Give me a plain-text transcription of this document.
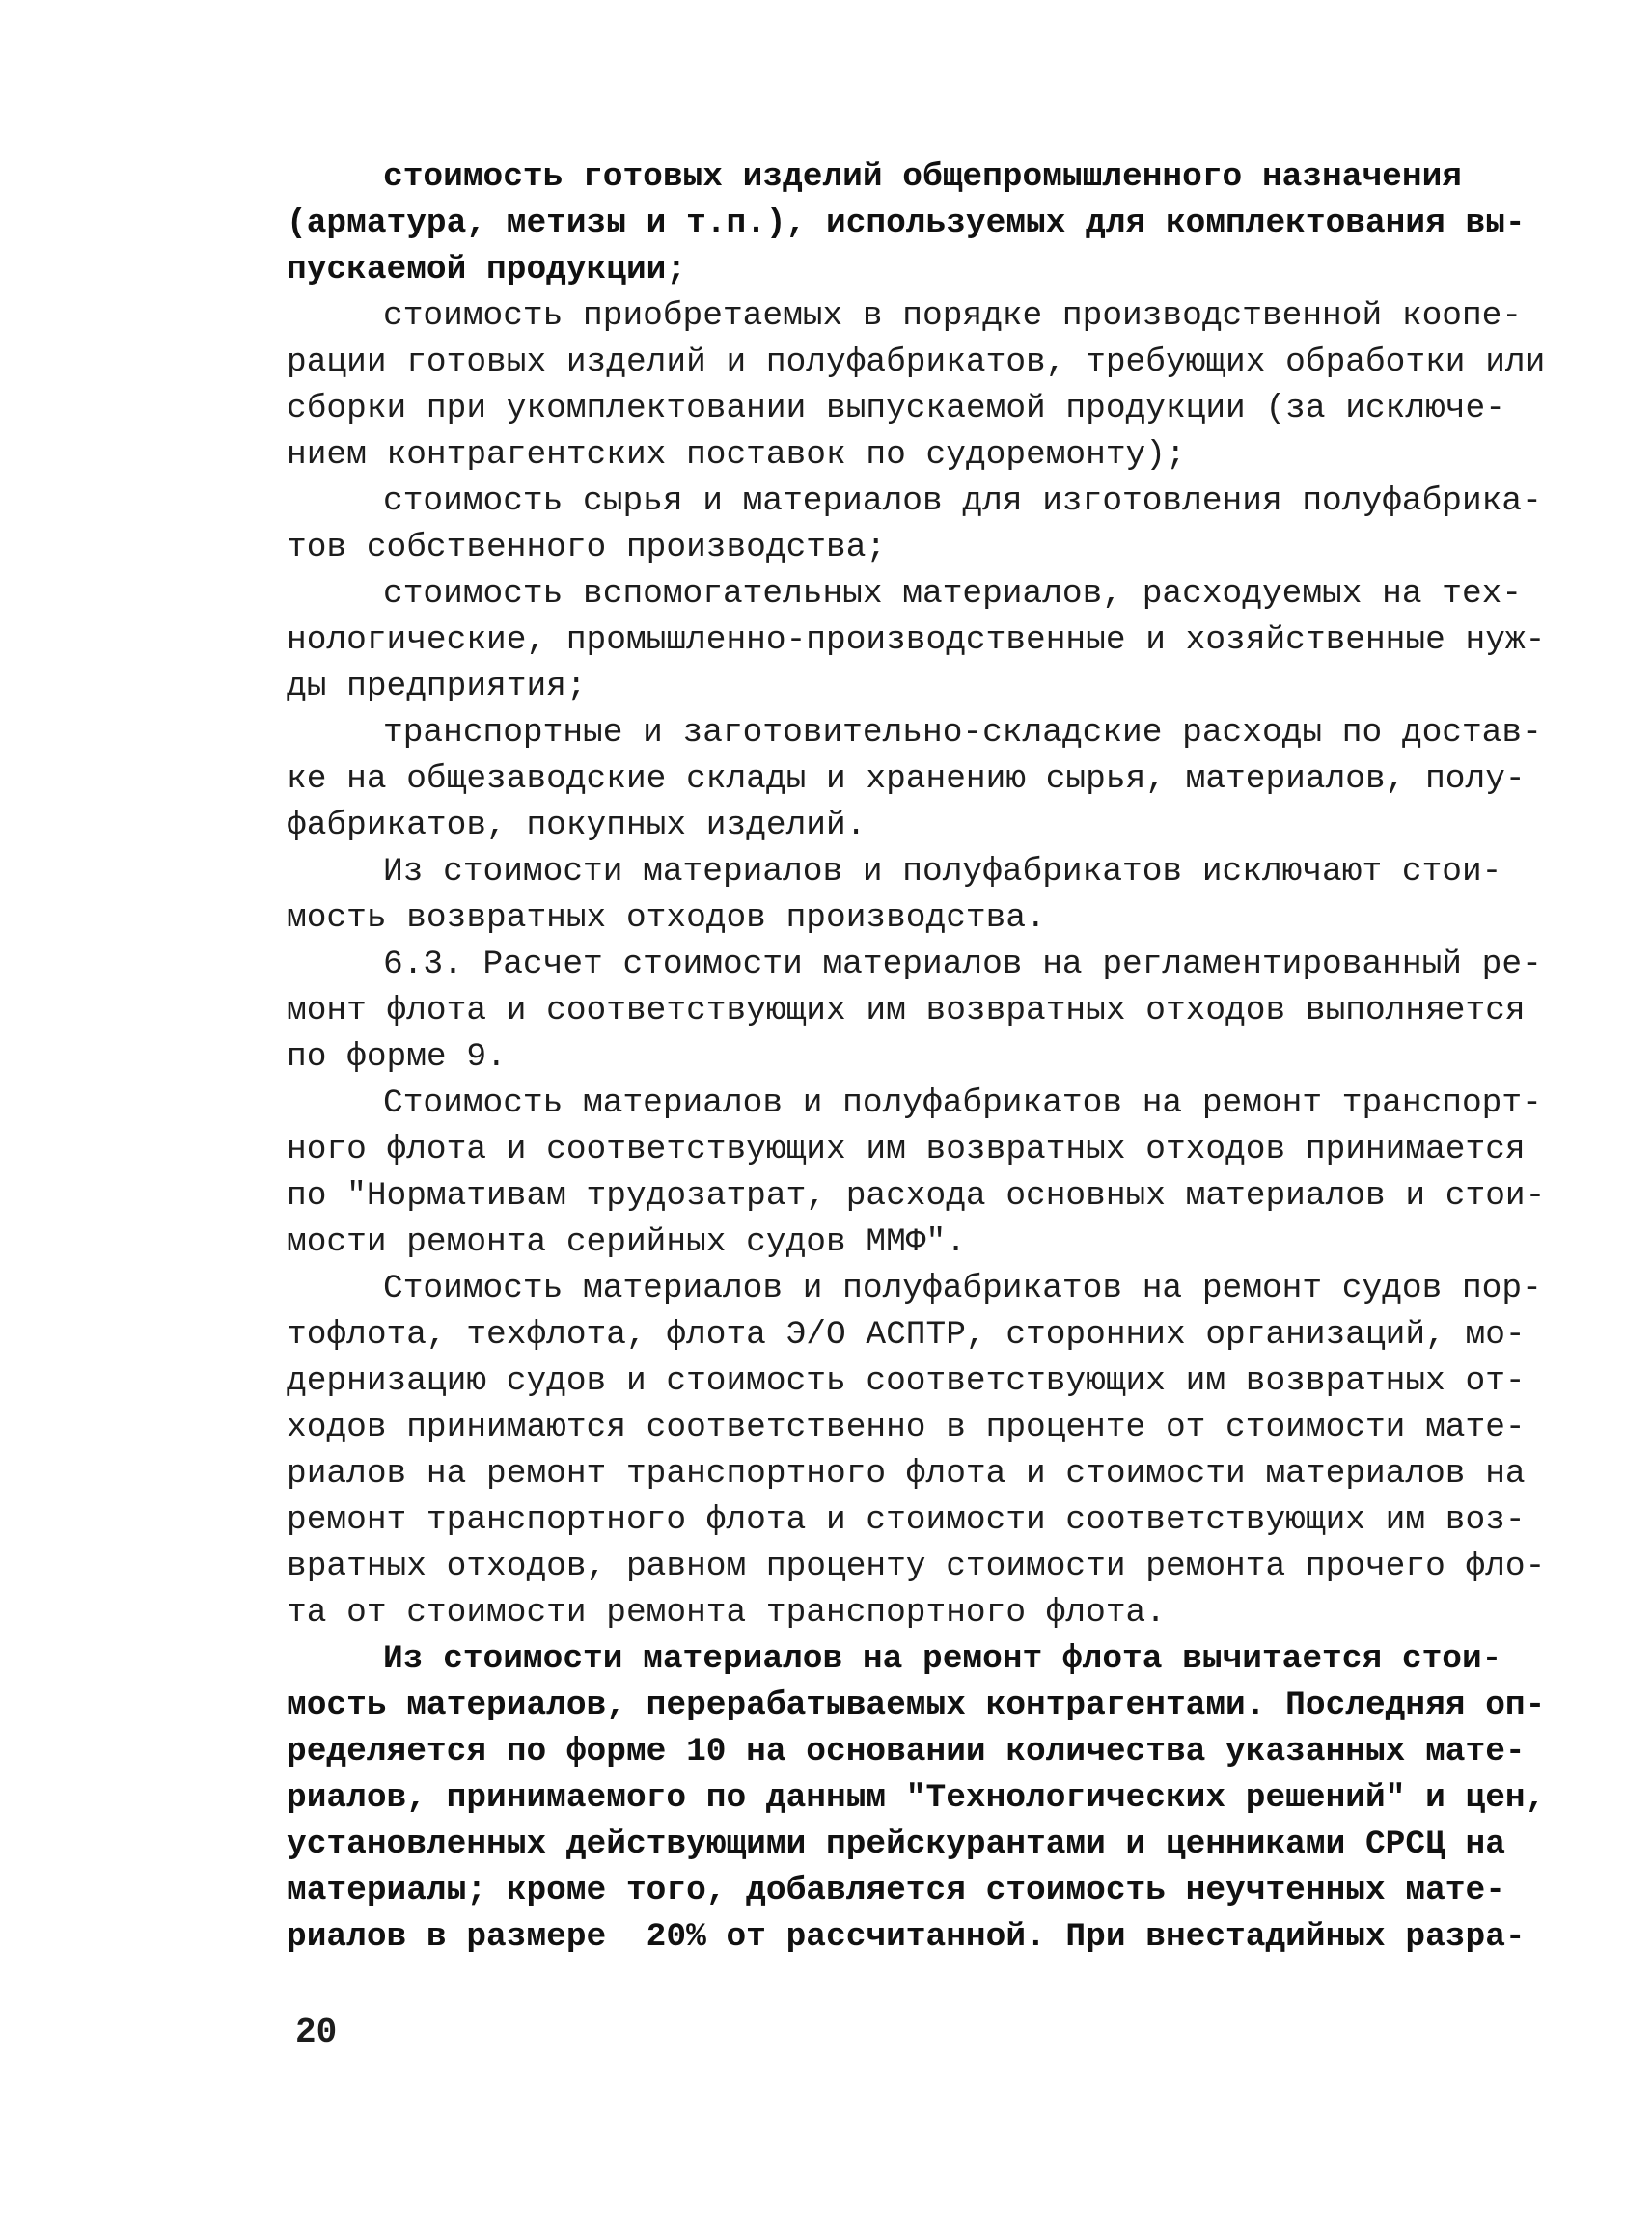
стоимость готовых изделий общепромышленного назначения
(арматура, метизы и т.п.), используемых для комплектования вы-
пускаемой продукции;
стоимость приобретаемых в порядке производственной коопе-
рации готовых изделий и полуфабрикатов, требующих обработки или
сборки при укомплектовании выпускаемой продукции (за исключе-
нием контрагентских поставок по судоремонту);
стоимость сырья и материалов для изготовления полуфабрика-
тов собственного производства;
стоимость вспомогательных материалов, расходуемых на тех-
нологические, промышленно-производственные и хозяйственные нуж-
ды предприятия;
транспортные и заготовительно-складские расходы по достав-
ке на общезаводские склады и хранению сырья, материалов, полу-
фабрикатов, покупных изделий.
Из стоимости материалов и полуфабрикатов исключают стои-
мость возвратных отходов производства.
6.3. Расчет стоимости материалов на регламентированный ре-
монт флота и соответствующих им возвратных отходов выполняется
по форме 9.
Стоимость материалов и полуфабрикатов на ремонт транспорт-
ного флота и соответствующих им возвратных отходов принимается
по "Нормативам трудозатрат, расхода основных материалов и стои-
мости ремонта серийных судов ММФ".
Стоимость материалов и полуфабрикатов на ремонт судов пор-
тофлота, техфлота, флота Э/О АСПТР, сторонних организаций, мо-
дернизацию судов и стоимость соответствующих им возвратных от-
ходов принимаются соответственно в проценте от стоимости мате-
риалов на ремонт транспортного флота и стоимости материалов на
ремонт транспортного флота и стоимости соответствующих им воз-
вратных отходов, равном проценту стоимости ремонта прочего фло-
та от стоимости ремонта транспортного флота.
Из стоимости материалов на ремонт флота вычитается стои-
мость материалов, перерабатываемых контрагентами. Последняя оп-
ределяется по форме 10 на основании количества указанных мате-
риалов, принимаемого по данным "Технологических решений" и цен,
установленных действующими прейскурантами и ценниками СРСЦ на
материалы; кроме того, добавляется стоимость неучтенных мате-
риалов в размере  20% от рассчитанной. При внестадийных разра-
20
